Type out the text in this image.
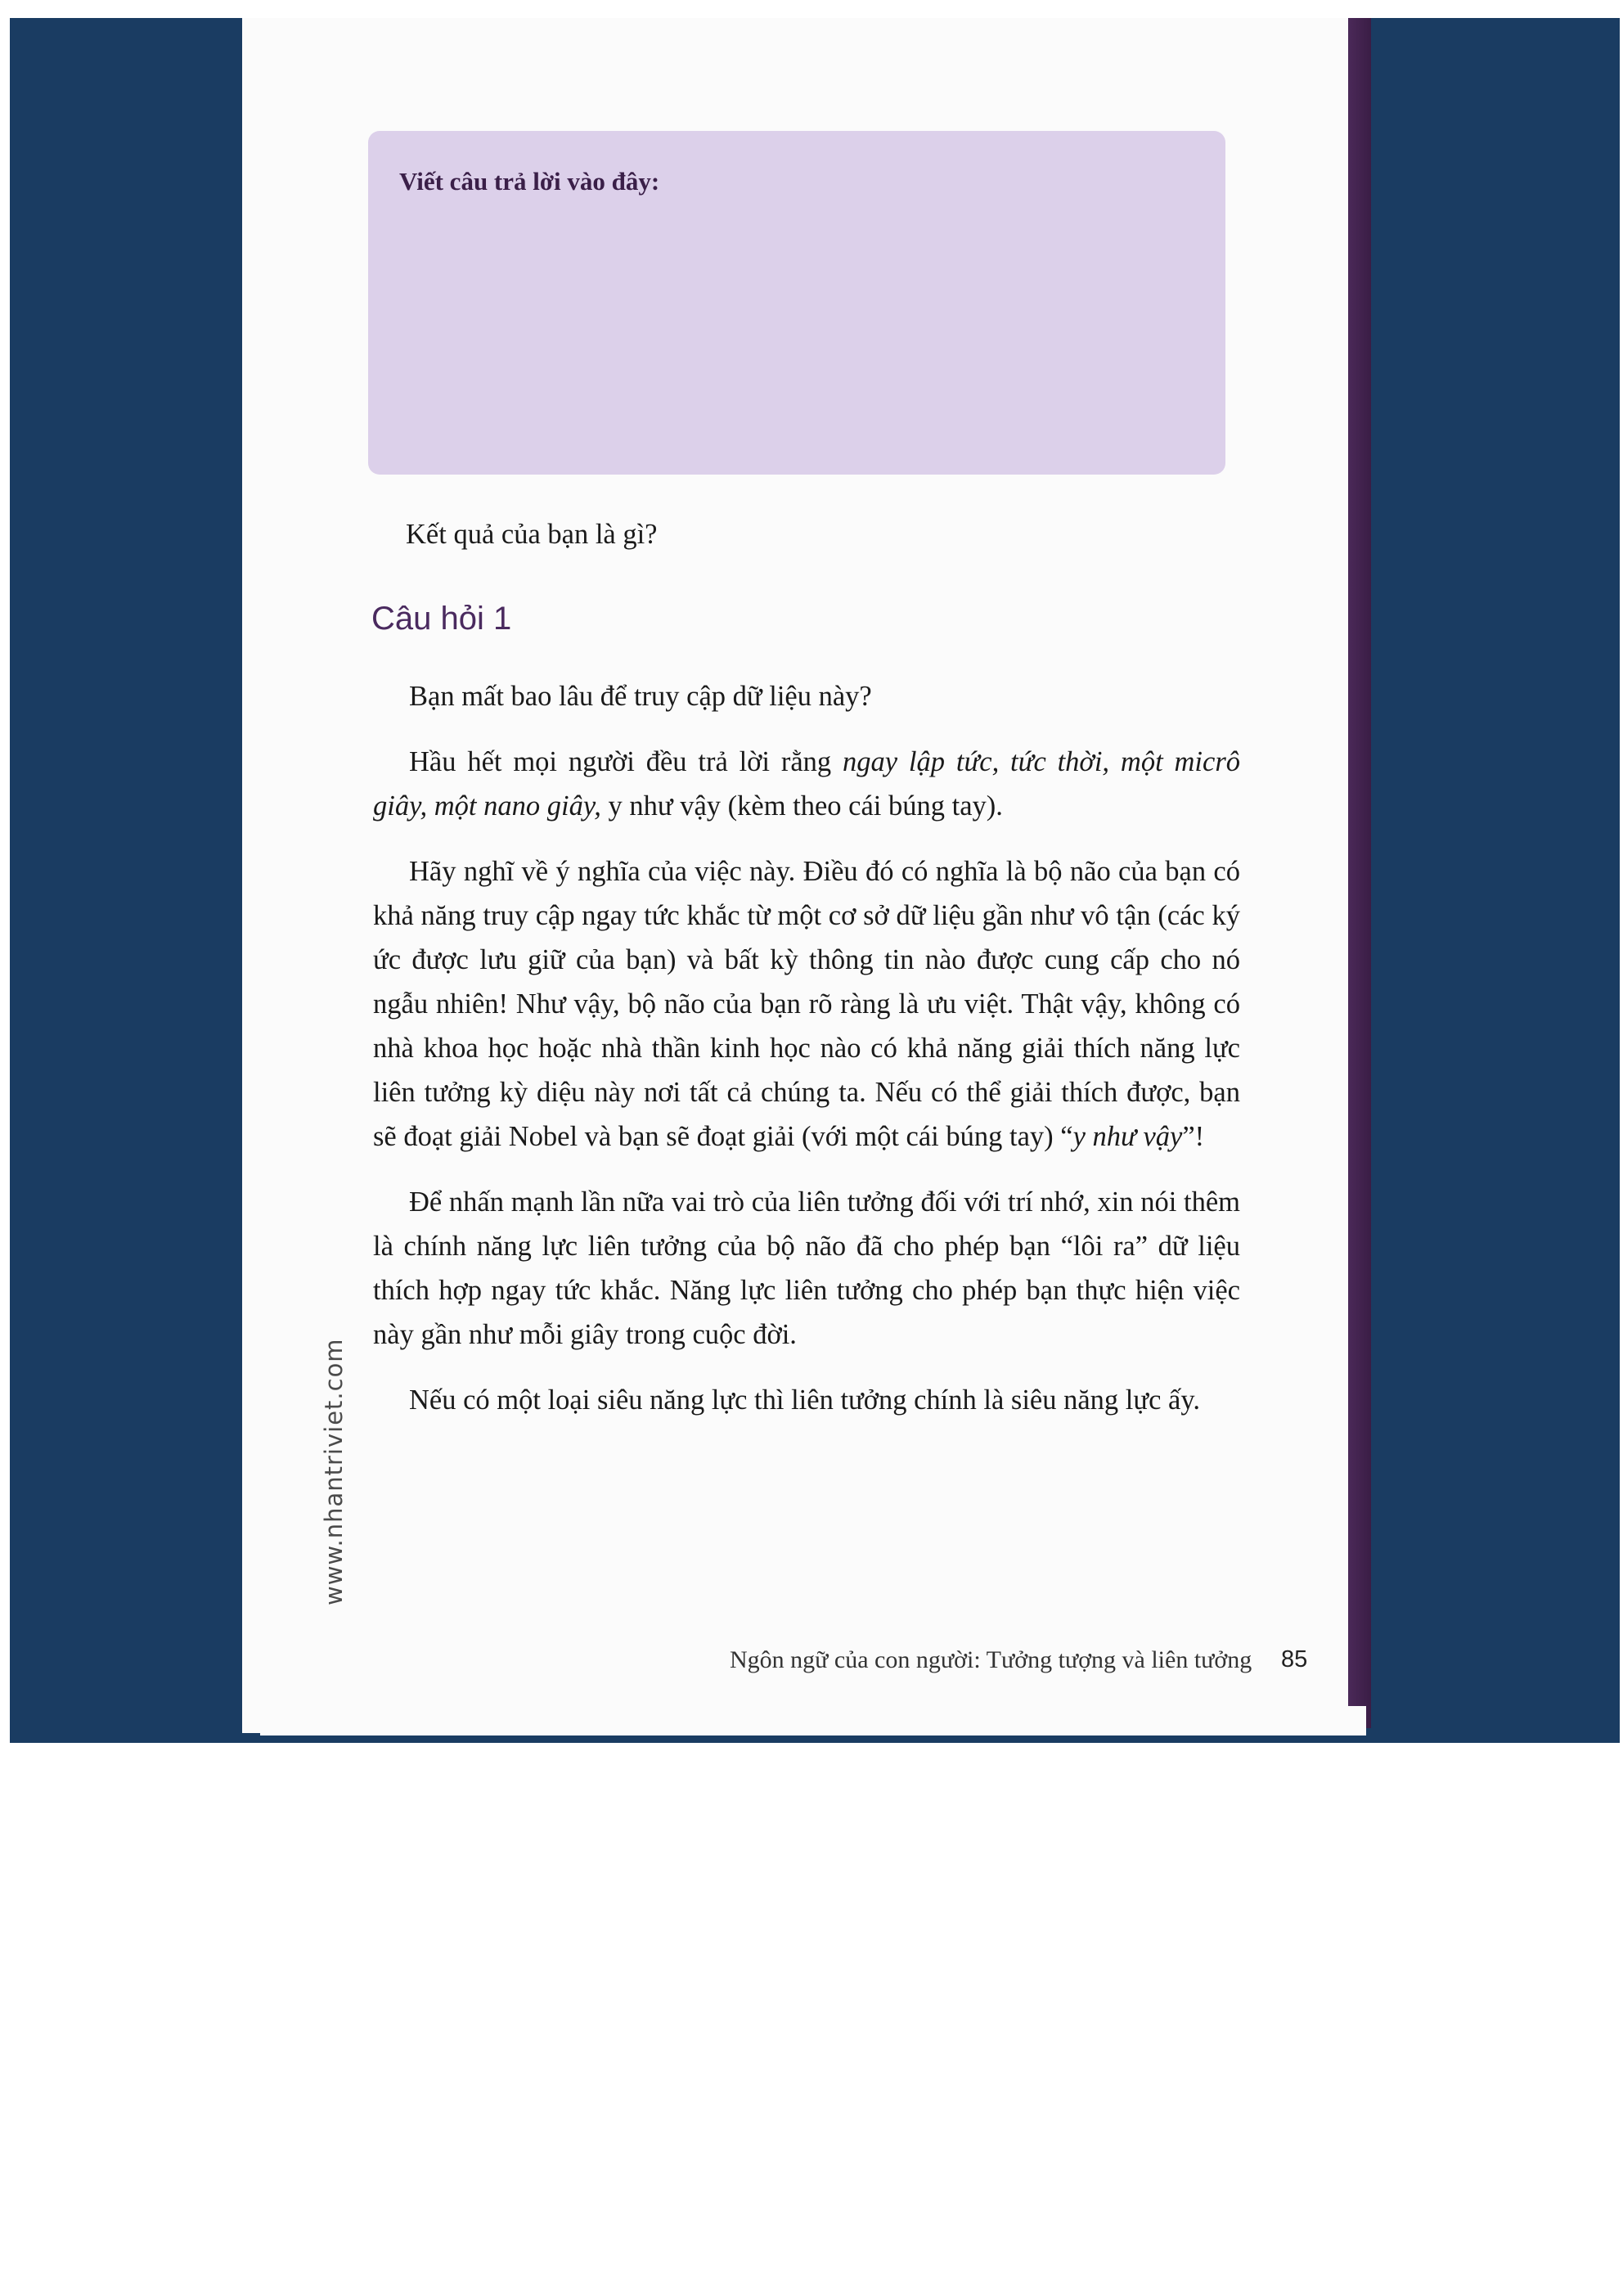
Viết câu trả lời vào đây:
Kết quả của bạn là gì?
Câu hỏi 1

Bạn mất bao lâu để truy cập dữ liệu này?

Hầu hết mọi người đều trả lời rằng ngay lập tức, tức thời, một micrô giây, một nano giây, y như vậy (kèm theo cái búng tay).

Hãy nghĩ về ý nghĩa của việc này. Điều đó có nghĩa là bộ não của bạn có khả năng truy cập ngay tức khắc từ một cơ sở dữ liệu gần như vô tận (các ký ức được lưu giữ của bạn) và bất kỳ thông tin nào được cung cấp cho nó ngẫu nhiên! Như vậy, bộ não của bạn rõ ràng là ưu việt. Thật vậy, không có nhà khoa học hoặc nhà thần kinh học nào có khả năng giải thích năng lực liên tưởng kỳ diệu này nơi tất cả chúng ta. Nếu có thể giải thích được, bạn sẽ đoạt giải Nobel và bạn sẽ đoạt giải (với một cái búng tay) “y như vậy”!

Để nhấn mạnh lần nữa vai trò của liên tưởng đối với trí nhớ, xin nói thêm là chính năng lực liên tưởng của bộ não đã cho phép bạn “lôi ra” dữ liệu thích hợp ngay tức khắc. Năng lực liên tưởng cho phép bạn thực hiện việc này gần như mỗi giây trong cuộc đời.

Nếu có một loại siêu năng lực thì liên tưởng chính là siêu năng lực ấy.

www.nhantriviet.com
Ngôn ngữ của con người: Tưởng tượng và liên tưởng 85
